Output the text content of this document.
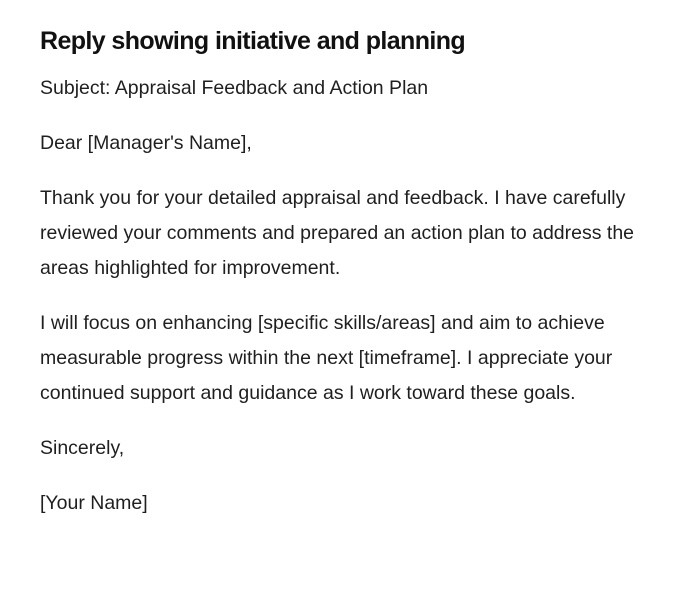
Reply showing initiative and planning

Subject: Appraisal Feedback and Action Plan

Dear [Manager's Name],

Thank you for your detailed appraisal and feedback. I have carefully reviewed your comments and prepared an action plan to address the areas highlighted for improvement.

I will focus on enhancing [specific skills/areas] and aim to achieve measurable progress within the next [timeframe]. I appreciate your continued support and guidance as I work toward these goals.

Sincerely,

[Your Name]
